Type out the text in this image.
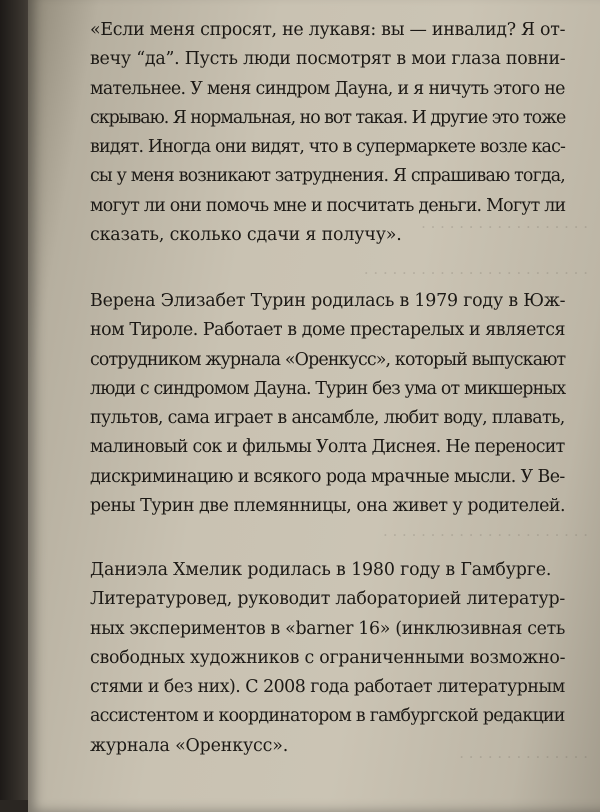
· · · · · · · · · · · · · · · · · ·
· · · · · · · · · · · · · · · · · · · · · · · ·
· · · · · · · · · · · · · · · · · · · · · ·
· · · · · · · · · · · · · ·
«Если меня спросят, не лукавя: вы — инвалид? Я от-
вечу “да”. Пусть люди посмотрят в мои глаза повни-
мательнее. У меня синдром Дауна, и я ничуть этого не
скрываю. Я нормальная, но вот такая. И другие это тоже
видят. Иногда они видят, что в супермаркете возле кас-
сы у меня возникают затруднения. Я спрашиваю тогда,
могут ли они помочь мне и посчитать деньги. Могут ли
сказать, сколько сдачи я получу».
Верена Элизабет Турин родилась в 1979 году в Юж-
ном Тироле. Работает в доме престарелых и является
сотрудником журнала «Оренкусс», который выпускают
люди с синдромом Дауна. Турин без ума от микшерных
пультов, сама играет в ансамбле, любит воду, плавать,
малиновый сок и фильмы Уолта Диснея. Не переносит
дискриминацию и всякого рода мрачные мысли. У Ве-
рены Турин две племянницы, она живет у родителей.
Даниэла Хмелик родилась в 1980 году в Гамбурге.
Литературовед, руководит лабораторией литератур-
ных экспериментов в «barner 16» (инклюзивная сеть
свободных художников с ограниченными возможно-
стями и без них). С 2008 года работает литературным
ассистентом и координатором в гамбургской редакции
журнала «Оренкусс».
